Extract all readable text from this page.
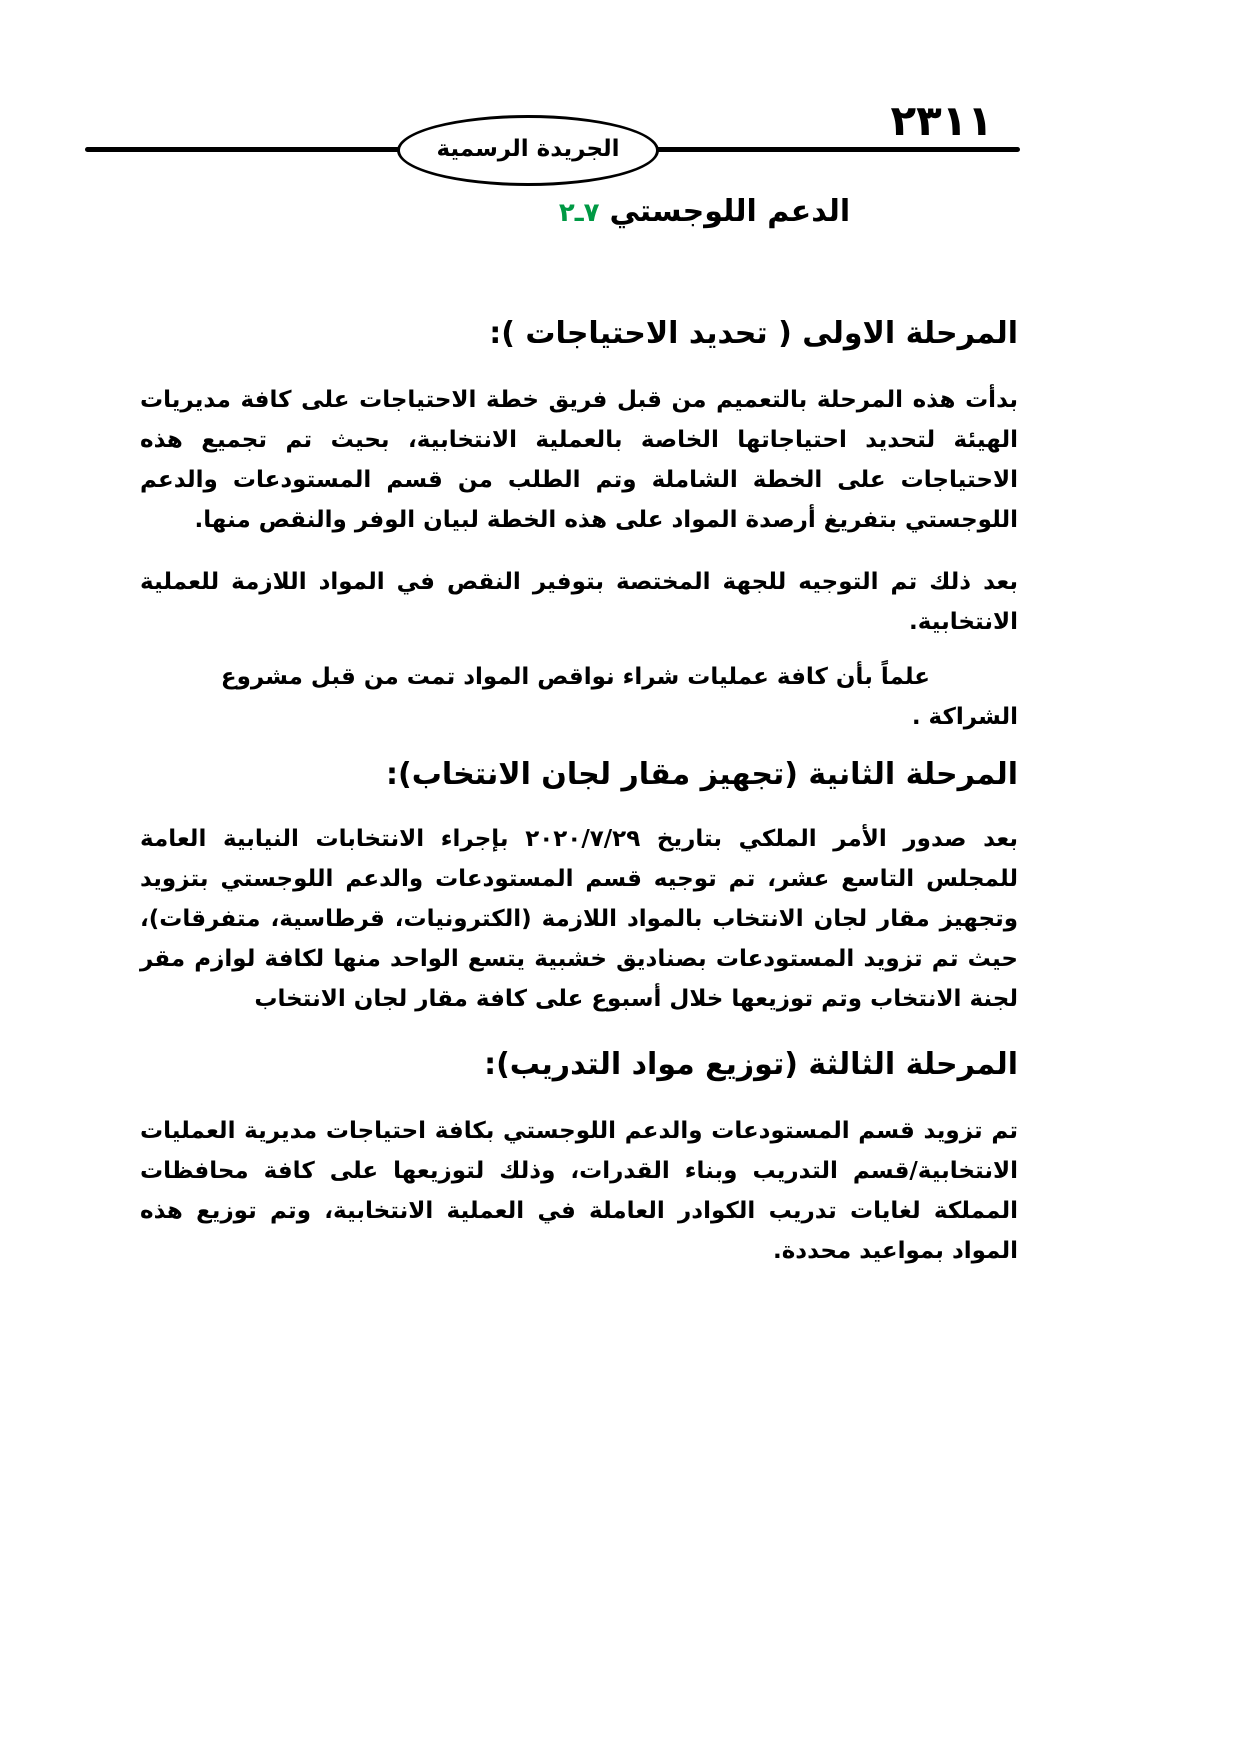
٢٣١١
الجريدة الرسمية
٢ـ٧ الدعم اللوجستي
المرحلة الاولى ( تحديد الاحتياجات ):

بدأت هذه المرحلة بالتعميم من قبل فريق خطة الاحتياجات على كافة مديريات الهيئة لتحديد احتياجاتها الخاصة بالعملية الانتخابية، بحيث تم تجميع هذه الاحتياجات على الخطة الشاملة وتم الطلب من قسم المستودعات والدعم اللوجستي بتفريغ أرصدة المواد على هذه الخطة لبيان الوفر والنقص منها.

بعد ذلك تم التوجيه للجهة المختصة بتوفير النقص في المواد اللازمة للعملية الانتخابية.

علماً بأن كافة عمليات شراء نواقص المواد تمت من قبل مشروع الشراكة .

المرحلة الثانية (تجهيز مقار لجان الانتخاب):

بعد صدور الأمر الملكي بتاريخ ٢٠٢٠/٧/٢٩ بإجراء الانتخابات النيابية العامة للمجلس التاسع عشر، تم توجيه قسم المستودعات والدعم اللوجستي بتزويد وتجهيز مقار لجان الانتخاب بالمواد اللازمة (الكترونيات، قرطاسية، متفرقات)، حيث تم تزويد المستودعات بصناديق خشبية يتسع الواحد منها لكافة لوازم مقر لجنة الانتخاب وتم توزيعها خلال أسبوع على كافة مقار لجان الانتخاب

المرحلة الثالثة (توزيع مواد التدريب):

تم تزويد قسم المستودعات والدعم اللوجستي بكافة احتياجات مديرية العمليات الانتخابية/قسم التدريب وبناء القدرات، وذلك لتوزيعها على كافة محافظات المملكة لغايات تدريب الكوادر العاملة في العملية الانتخابية، وتم توزيع هذه المواد بمواعيد محددة.
